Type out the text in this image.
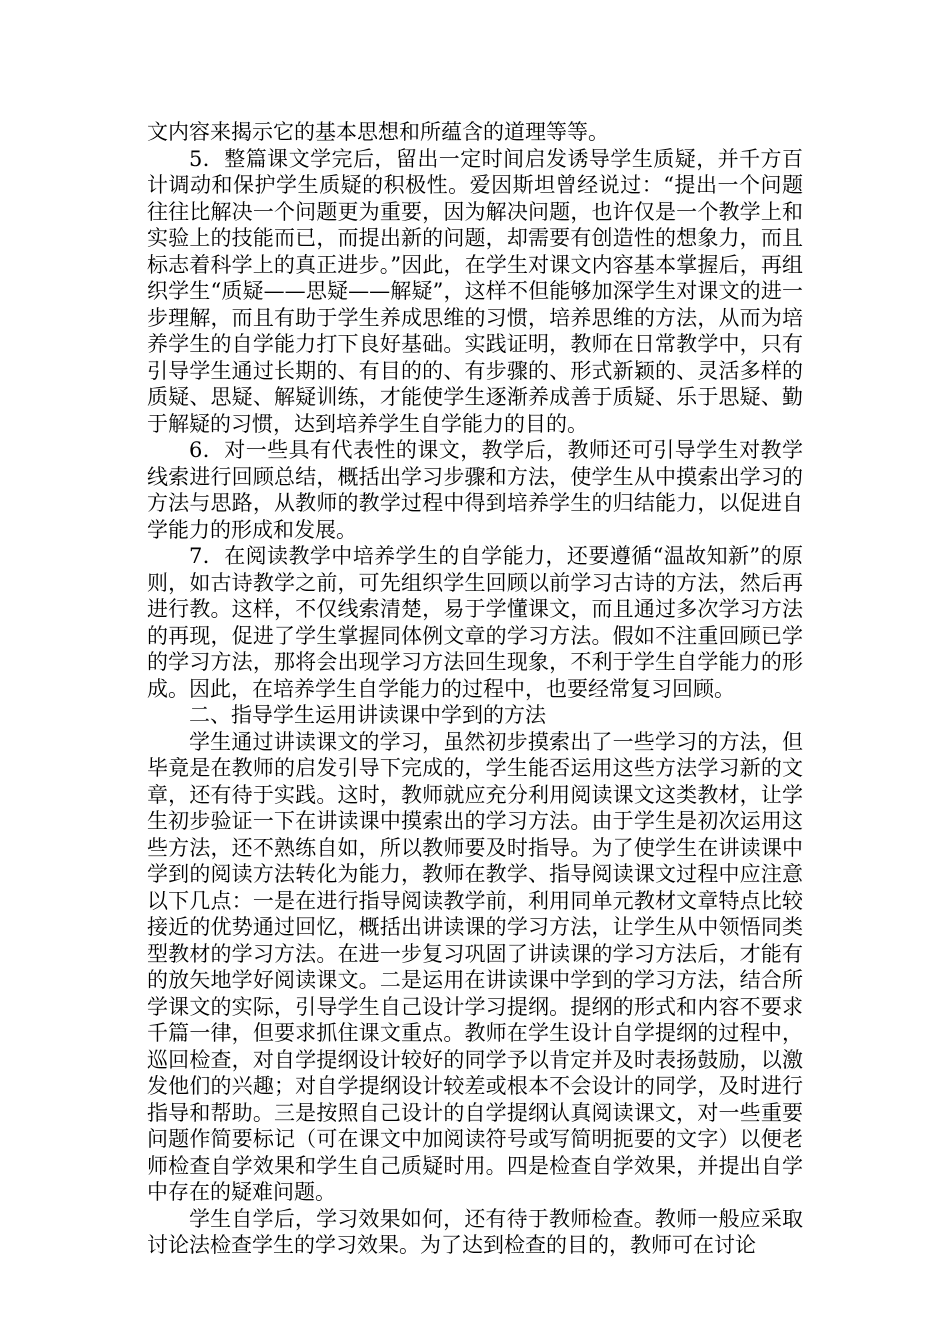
文内容来揭示它的基本思想和所蕴含的道理等等。

5．整篇课文学完后，留出一定时间启发诱导学生质疑，并千方百计调动和保护学生质疑的积极性。爱因斯坦曾经说过：“提出一个问题往往比解决一个问题更为重要，因为解决问题，也许仅是一个教学上和实验上的技能而已，而提出新的问题，却需要有创造性的想象力，而且标志着科学上的真正进步。”因此，在学生对课文内容基本掌握后，再组织学生“质疑——思疑——解疑”，这样不但能够加深学生对课文的进一步理解，而且有助于学生养成思维的习惯，培养思维的方法，从而为培养学生的自学能力打下良好基础。实践证明，教师在日常教学中，只有引导学生通过长期的、有目的的、有步骤的、形式新颖的、灵活多样的质疑、思疑、解疑训练，才能使学生逐渐养成善于质疑、乐于思疑、勤于解疑的习惯，达到培养学生自学能力的目的。

6．对一些具有代表性的课文，教学后，教师还可引导学生对教学线索进行回顾总结，概括出学习步骤和方法，使学生从中摸索出学习的方法与思路，从教师的教学过程中得到培养学生的归结能力，以促进自学能力的形成和发展。

7．在阅读教学中培养学生的自学能力，还要遵循“温故知新”的原则，如古诗教学之前，可先组织学生回顾以前学习古诗的方法，然后再进行教。这样，不仅线索清楚，易于学懂课文，而且通过多次学习方法的再现，促进了学生掌握同体例文章的学习方法。假如不注重回顾已学的学习方法，那将会出现学习方法回生现象，不利于学生自学能力的形成。因此，在培养学生自学能力的过程中，也要经常复习回顾。

二、指导学生运用讲读课中学到的方法

学生通过讲读课文的学习，虽然初步摸索出了一些学习的方法，但毕竟是在教师的启发引导下完成的，学生能否运用这些方法学习新的文章，还有待于实践。这时，教师就应充分利用阅读课文这类教材，让学生初步验证一下在讲读课中摸索出的学习方法。由于学生是初次运用这些方法，还不熟练自如，所以教师要及时指导。为了使学生在讲读课中学到的阅读方法转化为能力，教师在教学、指导阅读课文过程中应注意以下几点：一是在进行指导阅读教学前，利用同单元教材文章特点比较接近的优势通过回忆，概括出讲读课的学习方法，让学生从中领悟同类型教材的学习方法。在进一步复习巩固了讲读课的学习方法后，才能有的放矢地学好阅读课文。二是运用在讲读课中学到的学习方法，结合所学课文的实际，引导学生自己设计学习提纲。提纲的形式和内容不要求千篇一律，但要求抓住课文重点。教师在学生设计自学提纲的过程中，巡回检查，对自学提纲设计较好的同学予以肯定并及时表扬鼓励，以激发他们的兴趣；对自学提纲设计较差或根本不会设计的同学，及时进行指导和帮助。三是按照自己设计的自学提纲认真阅读课文，对一些重要问题作简要标记（可在课文中加阅读符号或写简明扼要的文字）以便老师检查自学效果和学生自己质疑时用。四是检查自学效果，并提出自学中存在的疑难问题。

学生自学后，学习效果如何，还有待于教师检查。教师一般应采取讨论法检查学生的学习效果。为了达到检查的目的，教师可在讨论
